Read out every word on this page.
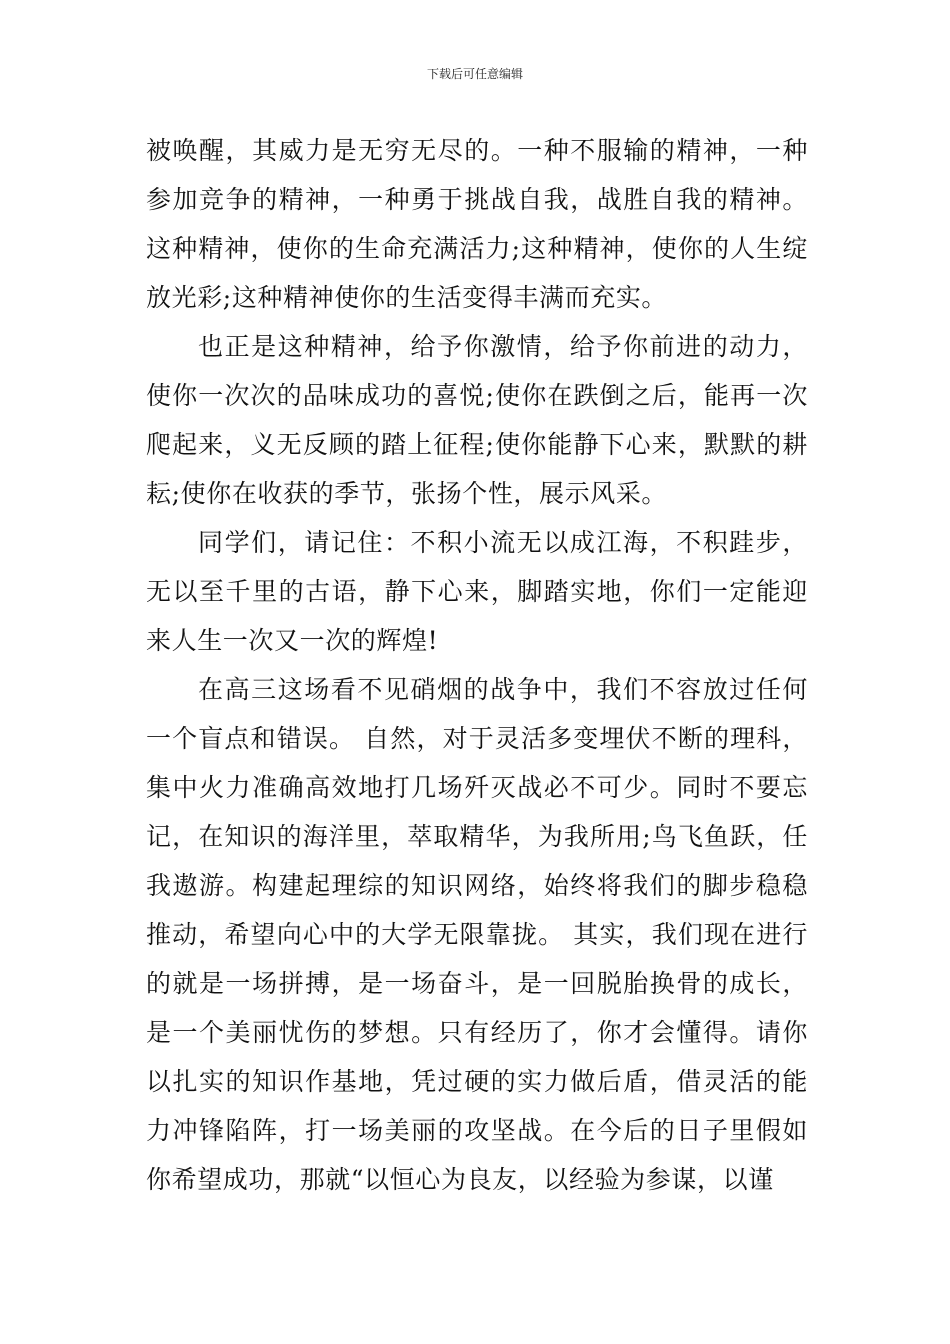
下载后可任意编辑

被唤醒，其威力是无穷无尽的。一种不服输的精神，一种参加竞争的精神，一种勇于挑战自我，战胜自我的精神。这种精神，使你的生命充满活力;这种精神，使你的人生绽放光彩;这种精神使你的生活变得丰满而充实。

也正是这种精神，给予你激情，给予你前进的动力，使你一次次的品味成功的喜悦;使你在跌倒之后，能再一次爬起来，义无反顾的踏上征程;使你能静下心来，默默的耕耘;使你在收获的季节，张扬个性，展示风采。

同学们，请记住：不积小流无以成江海，不积跬步，无以至千里的古语，静下心来，脚踏实地，你们一定能迎来人生一次又一次的辉煌!

在高三这场看不见硝烟的战争中，我们不容放过任何一个盲点和错误。 自然，对于灵活多变埋伏不断的理科，集中火力准确高效地打几场歼灭战必不可少。同时不要忘记，在知识的海洋里，萃取精华，为我所用;鸟飞鱼跃，任我遨游。构建起理综的知识网络，始终将我们的脚步稳稳推动，希望向心中的大学无限靠拢。 其实，我们现在进行的就是一场拼搏，是一场奋斗，是一回脱胎换骨的成长，是一个美丽忧伤的梦想。只有经历了，你才会懂得。请你以扎实的知识作基地，凭过硬的实力做后盾，借灵活的能力冲锋陷阵，打一场美丽的攻坚战。在今后的日子里假如你希望成功，那就“以恒心为良友，以经验为参谋，以谨
